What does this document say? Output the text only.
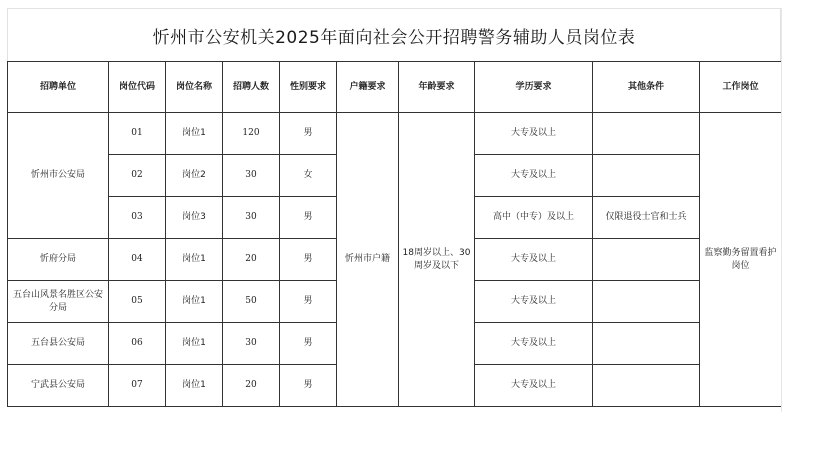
忻州市公安机关2025年面向社会公开招聘警务辅助人员岗位表
招聘单位	岗位代码	岗位名称	招聘人数	性别要求	户籍要求	年龄要求	学历要求	其他条件	工作岗位
忻州市公安局	01	岗位1	120	男	忻州市户籍	18周岁以上、30周岁及以下	大专及以上		监察勤务留置看护岗位
	02	岗位2	30	女			大专及以上		
	03	岗位3	30	男			高中（中专）及以上	仅限退役士官和士兵	
忻府分局	04	岗位1	20	男			大专及以上		
五台山风景名胜区公安分局	05	岗位1	50	男			大专及以上		
五台县公安局	06	岗位1	30	男			大专及以上		
宁武县公安局	07	岗位1	20	男			大专及以上		
